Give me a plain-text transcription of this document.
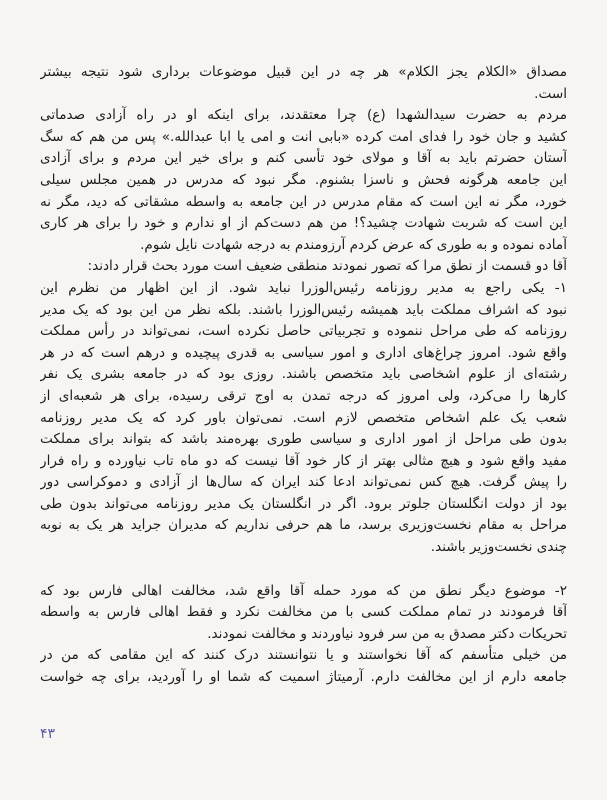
مصداق «الکلام یجز الکلام» هر چه در این قبیل موضوعات برداری شود نتیجه بیشتر
است.
مردم به حضرت سیدالشهدا (ع) چرا معتقدند، برای اینکه او در راه آزادی صدماتی
کشید و جان خود را فدای امت کرده «بابی انت و امی یا ابا عبدالله.» پس من هم که سگ
آستان حضرتم باید به آقا و مولای خود تأسی کنم و برای خیر این مردم و برای آزادی
این جامعه هرگونه فحش و ناسزا بشنوم. مگر نبود که مدرس در همین مجلس سیلی
خورد، مگر نه این است که مقام مدرس در این جامعه به واسطه مشقاتی که دید، مگر نه
این است که شربت شهادت چشید؟! من هم دست‌کم از او ندارم و خود را برای هر کاری
آماده نموده و به طوری که عرض کردم آرزومندم به درجه شهادت نایل شوم.
آقا دو قسمت از نطق مرا که تصور نمودند منطقی ضعیف است مورد بحث قرار دادند:
۱- یکی راجع به مدیر روزنامه رئیس‌الوزرا نباید شود. از این اظهار من نظرم این
نبود که اشراف مملکت باید همیشه رئیس‌الوزرا باشند. بلکه نظر من این بود که یک مدیر
روزنامه که طی مراحل ننموده و تجربیاتی حاصل نکرده است، نمی‌تواند در رأس مملکت
واقع شود. امروز چراغ‌های اداری و امور سیاسی به قدری پیچیده و درهم است که در هر
رشته‌ای از علوم اشخاصی باید متخصص باشند. روزی بود که در جامعه بشری یک نفر
کارها را می‌کرد، ولی امروز که درجه تمدن به اوج ترقی رسیده، برای هر شعبه‌ای از
شعب یک علم اشخاص متخصص لازم است. نمی‌توان باور کرد که یک مدیر روزنامه
بدون طی مراحل از امور اداری و سیاسی طوری بهره‌مند باشد که بتواند برای مملکت
مفید واقع شود و هیچ مثالی بهتر از کار خود آقا نیست که دو ماه تاب نیاورده و راه فرار
را پیش گرفت. هیچ کس نمی‌تواند ادعا کند ایران که سال‌ها از آزادی و دموکراسی دور
بود از دولت انگلستان جلوتر برود. اگر در انگلستان یک مدیر روزنامه می‌تواند بدون طی
مراحل به مقام نخست‌وزیری برسد، ما هم حرفی نداریم که مدیران جراید هر یک به نوبه
چندی نخست‌وزیر باشند.
۲- موضوع دیگر نطق من که مورد حمله آقا واقع شد، مخالفت اهالی فارس بود که
آقا فرمودند در تمام مملکت کسی با من مخالفت نکرد و فقط اهالی فارس به واسطه
تحریکات دکتر مصدق به من سر فرود نیاوردند و مخالفت نمودند.
من خیلی متأسفم که آقا نخواستند و یا نتوانستند درک کنند که این مقامی که من در
جامعه دارم از این مخالفت دارم. آرمیتاژ اسمیت که شما او را آوردید، برای چه خواست
۴۳
